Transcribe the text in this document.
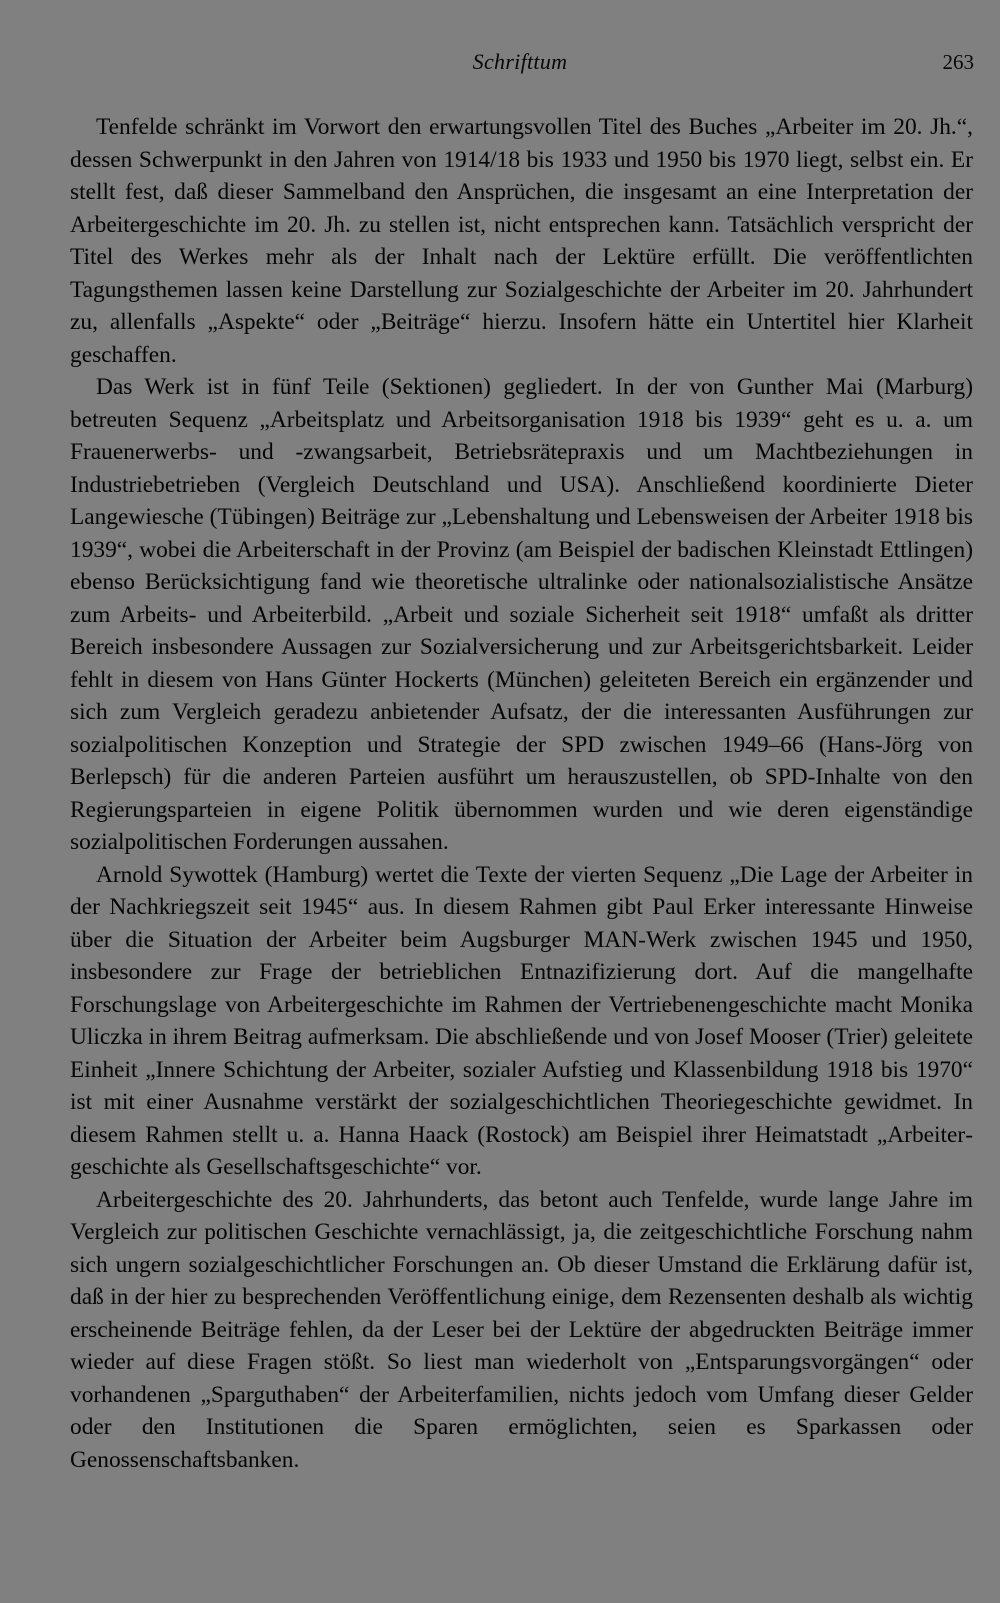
Schrifttum	263

Tenfelde schränkt im Vorwort den erwartungsvollen Titel des Buches „Arbeiter im 20. Jh.“, dessen Schwerpunkt in den Jahren von 1914/18 bis 1933 und 1950 bis 1970 liegt, selbst ein. Er stellt fest, daß dieser Sammelband den Ansprüchen, die insgesamt an eine Interpretation der Arbeitergeschichte im 20. Jh. zu stellen ist, nicht entsprechen kann. Tatsächlich verspricht der Titel des Werkes mehr als der Inhalt nach der Lektüre erfüllt. Die veröffentlichten Tagungsthemen lassen keine Darstellung zur Sozialgeschichte der Arbeiter im 20. Jahrhundert zu, allenfalls „Aspekte“ oder „Beiträge“ hierzu. Insofern hätte ein Untertitel hier Klarheit geschaffen.

Das Werk ist in fünf Teile (Sektionen) gegliedert. In der von Gunther Mai (Marburg) betreuten Sequenz „Arbeitsplatz und Arbeitsorganisation 1918 bis 1939“ geht es u. a. um Frauenerwerbs- und -zwangsarbeit, Betriebsrätepraxis und um Machtbeziehungen in Industriebetrieben (Vergleich Deutschland und USA). Anschließend koordinierte Dieter Langewiesche (Tübingen) Beiträge zur „Lebenshaltung und Lebensweisen der Arbeiter 1918 bis 1939“, wobei die Arbeiterschaft in der Provinz (am Beispiel der badischen Kleinstadt Ettlingen) ebenso Berücksichtigung fand wie theoretische ultralinke oder nationalsozialistische Ansätze zum Arbeits- und Arbeiterbild. „Arbeit und soziale Sicherheit seit 1918“ umfaßt als dritter Bereich insbesondere Aussagen zur Sozialversicherung und zur Arbeitsgerichtsbarkeit. Leider fehlt in diesem von Hans Günter Hockerts (München) geleiteten Bereich ein ergänzender und sich zum Vergleich geradezu anbietender Aufsatz, der die interessanten Ausführungen zur sozialpolitischen Konzeption und Strategie der SPD zwischen 1949–66 (Hans-Jörg von Berlepsch) für die anderen Parteien ausführt um herauszustellen, ob SPD-Inhalte von den Regierungsparteien in eigene Politik übernommen wurden und wie deren eigenständige sozialpolitischen Forderungen aussahen.

Arnold Sywottek (Hamburg) wertet die Texte der vierten Sequenz „Die Lage der Arbeiter in der Nachkriegszeit seit 1945“ aus. In diesem Rahmen gibt Paul Erker interessante Hinweise über die Situation der Arbeiter beim Augsburger MAN-Werk zwischen 1945 und 1950, insbesondere zur Frage der betrieblichen Entnazifizierung dort. Auf die mangelhafte Forschungslage von Arbeitergeschichte im Rahmen der Vertriebenengeschichte macht Monika Uliczka in ihrem Beitrag aufmerksam. Die abschließende und von Josef Mooser (Trier) geleitete Einheit „Innere Schichtung der Arbeiter, sozialer Aufstieg und Klassenbildung 1918 bis 1970“ ist mit einer Ausnahme verstärkt der sozialgeschichtlichen Theoriegeschichte gewidmet. In diesem Rahmen stellt u. a. Hanna Haack (Rostock) am Beispiel ihrer Heimatstadt „Arbeitergeschichte als Gesellschaftsgeschichte“ vor.

Arbeitergeschichte des 20. Jahrhunderts, das betont auch Tenfelde, wurde lange Jahre im Vergleich zur politischen Geschichte vernachlässigt, ja, die zeitgeschichtliche Forschung nahm sich ungern sozialgeschichtlicher Forschungen an. Ob dieser Umstand die Erklärung dafür ist, daß in der hier zu besprechenden Veröffentlichung einige, dem Rezensenten deshalb als wichtig erscheinende Beiträge fehlen, da der Leser bei der Lektüre der abgedruckten Beiträge immer wieder auf diese Fragen stößt. So liest man wiederholt von „Entsparungsvorgängen“ oder vorhandenen „Sparguthaben“ der Arbeiterfamilien, nichts jedoch vom Umfang dieser Gelder oder den Institutionen die Sparen ermöglichten, seien es Sparkassen oder Genossenschaftsbanken.
